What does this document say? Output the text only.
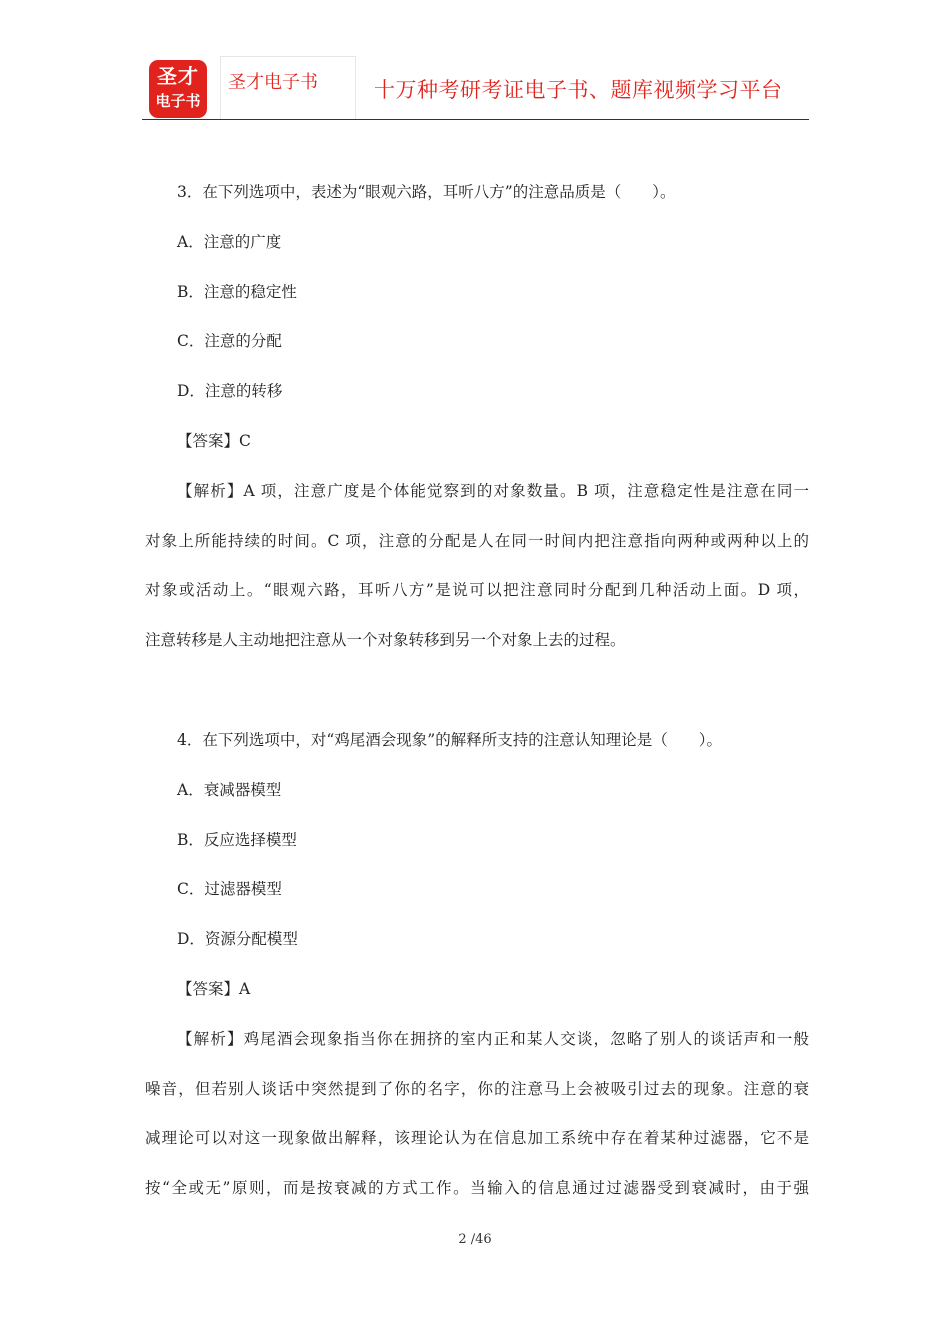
圣才
电子书
圣才电子书	十万种考研考证电子书、题库视频学习平台

3．在下列选项中，表述为“眼观六路，耳听八方”的注意品质是（　　）。

A．注意的广度

B．注意的稳定性

C．注意的分配

D．注意的转移

【答案】C

【解析】A 项，注意广度是个体能觉察到的对象数量。B 项，注意稳定性是注意在同一

对象上所能持续的时间。C 项，注意的分配是人在同一时间内把注意指向两种或两种以上的

对象或活动上。“眼观六路，耳听八方”是说可以把注意同时分配到几种活动上面。D 项，

注意转移是人主动地把注意从一个对象转移到另一个对象上去的过程。

4．在下列选项中，对“鸡尾酒会现象”的解释所支持的注意认知理论是（　　）。

A．衰减器模型

B．反应选择模型

C．过滤器模型

D．资源分配模型

【答案】A

【解析】鸡尾酒会现象指当你在拥挤的室内正和某人交谈，忽略了别人的谈话声和一般

噪音，但若别人谈话中突然提到了你的名字，你的注意马上会被吸引过去的现象。注意的衰

减理论可以对这一现象做出解释，该理论认为在信息加工系统中存在着某种过滤器，它不是

按“全或无”原则，而是按衰减的方式工作。当输入的信息通过过滤器受到衰减时，由于强

2 /46
